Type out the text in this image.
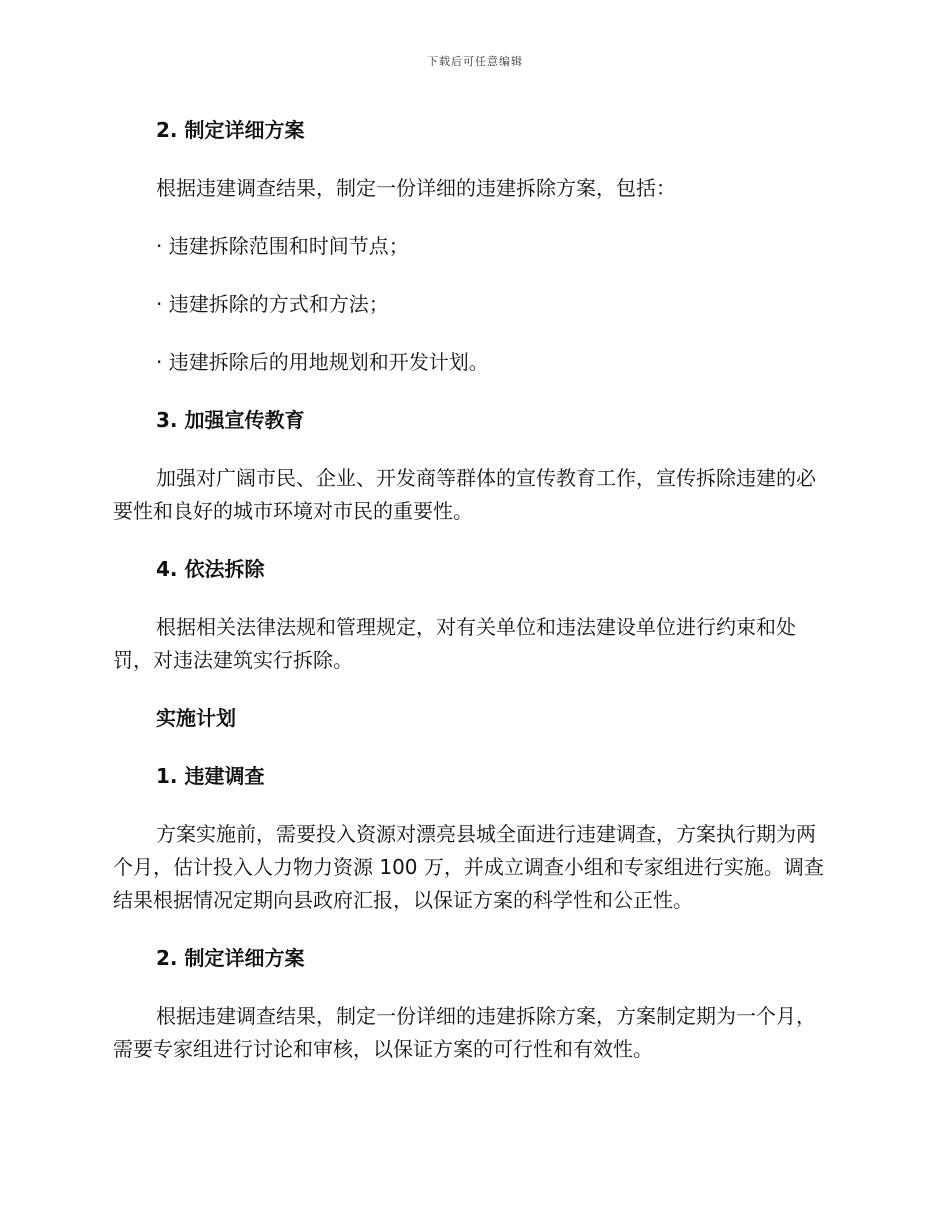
下载后可任意编辑
2. 制定详细方案
根据违建调查结果，制定一份详细的违建拆除方案，包括：
· 违建拆除范围和时间节点；
· 违建拆除的方式和方法；
· 违建拆除后的用地规划和开发计划。
3. 加强宣传教育
加强对广阔市民、企业、开发商等群体的宣传教育工作，宣传拆除违建的必要性和良好的城市环境对市民的重要性。
4. 依法拆除
根据相关法律法规和管理规定，对有关单位和违法建设单位进行约束和处罚，对违法建筑实行拆除。
实施计划
1. 违建调查
方案实施前，需要投入资源对漂亮县城全面进行违建调查，方案执行期为两个月，估计投入人力物力资源 100 万，并成立调查小组和专家组进行实施。调查结果根据情况定期向县政府汇报，以保证方案的科学性和公正性。
2. 制定详细方案
根据违建调查结果，制定一份详细的违建拆除方案，方案制定期为一个月，需要专家组进行讨论和审核，以保证方案的可行性和有效性。
